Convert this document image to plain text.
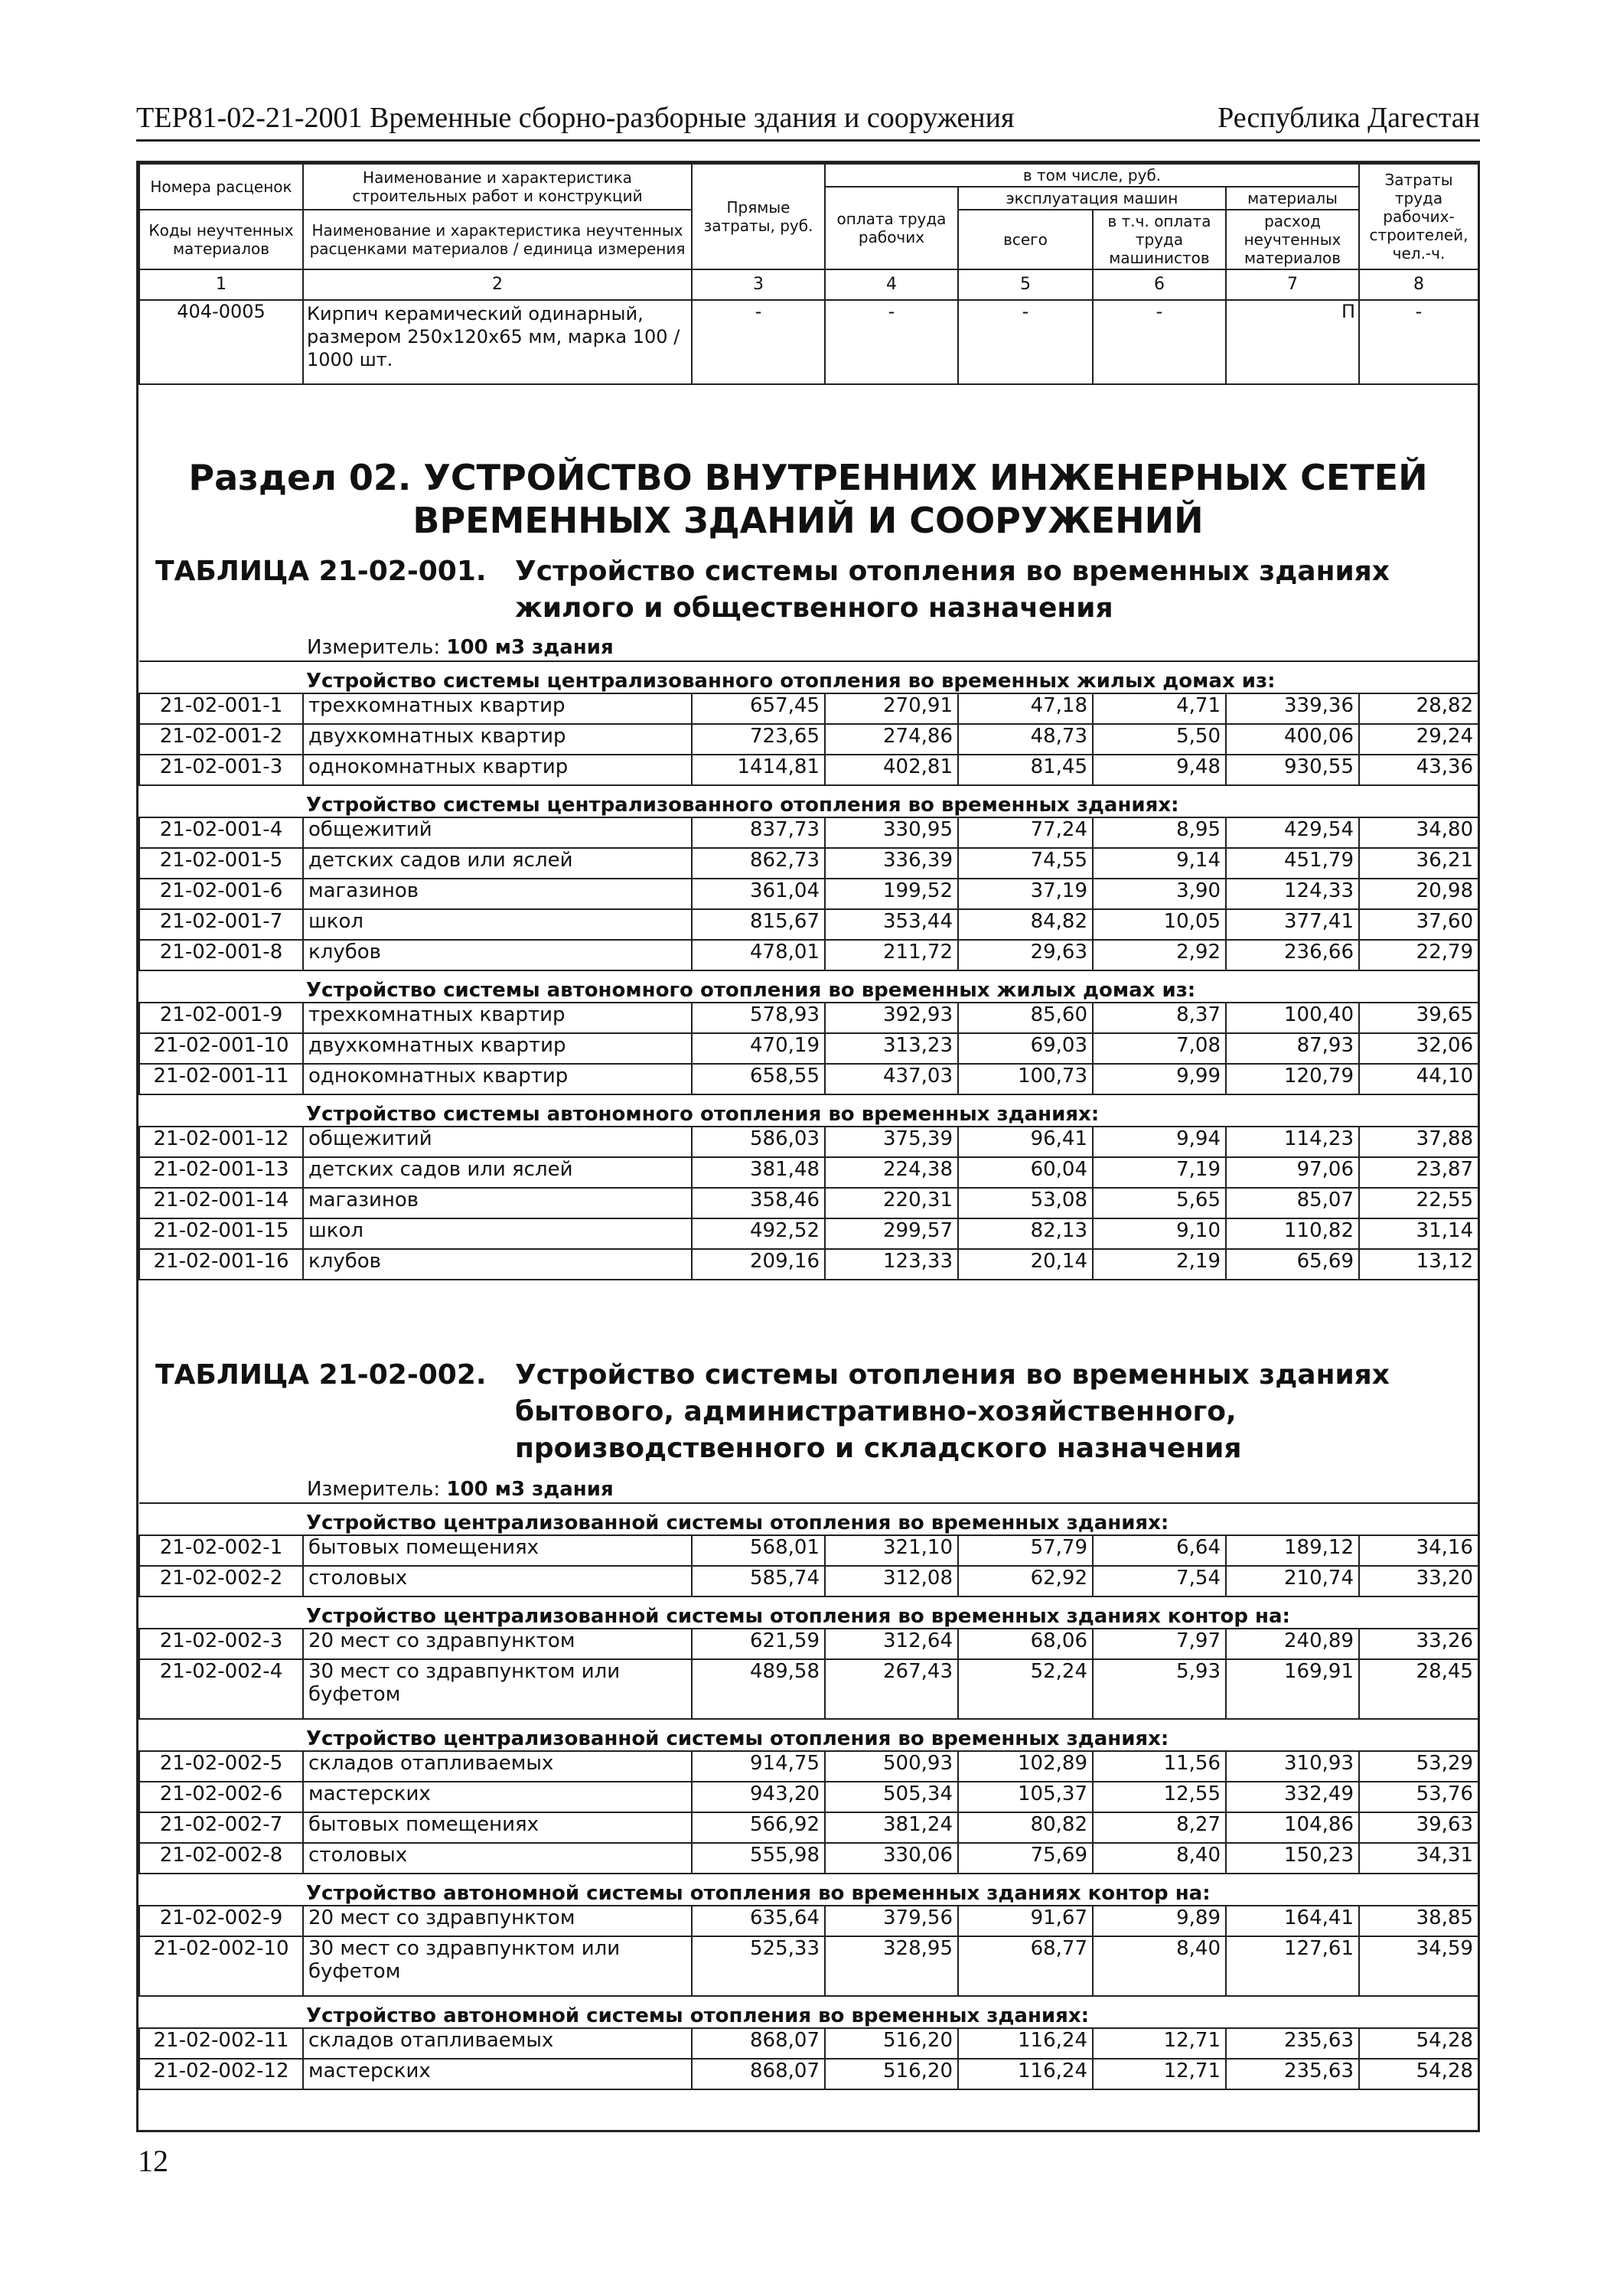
ТЕР81-02-21-2001 Временные сборно-разборные здания и сооружения	Республика Дагестан
Номера расценок	Наименование и характеристика строительных работ и конструкций	Прямые затраты, руб.	в том числе, руб.				Затраты труда рабочих-строителей, чел.-ч.
			оплата труда рабочих	эксплуатация машин		материалы	
Коды неучтенных материалов	Наименование и характеристика неучтенных расценками материалов / единица измерения			всего	в т.ч. оплата труда машинистов	расход неучтенных материалов	

1	2	3	4	5	6	7	8
404-0005	Кирпич керамический одинарный, размером 250х120х65 мм, марка 100 / 1000 шт.	-	-	-	-	П	-
Раздел 02. УСТРОЙСТВО ВНУТРЕННИХ ИНЖЕНЕРНЫХ СЕТЕЙ
ВРЕМЕННЫХ ЗДАНИЙ И СООРУЖЕНИЙ
ТАБЛИЦА 21-02-001. Устройство системы отопления во временных зданиях жилого и общественного назначения
Измеритель: 100 м3 здания
Устройство системы централизованного отопления во временных жилых домах из:							
21-02-001-1	трехкомнатных квартир	657,45	270,91	47,18	4,71	339,36	28,82
21-02-001-2	двухкомнатных квартир	723,65	274,86	48,73	5,50	400,06	29,24
21-02-001-3	однокомнатных квартир	1414,81	402,81	81,45	9,48	930,55	43,36
Устройство системы централизованного отопления во временных зданиях:							
21-02-001-4	общежитий	837,73	330,95	77,24	8,95	429,54	34,80
21-02-001-5	детских садов или яслей	862,73	336,39	74,55	9,14	451,79	36,21
21-02-001-6	магазинов	361,04	199,52	37,19	3,90	124,33	20,98
21-02-001-7	школ	815,67	353,44	84,82	10,05	377,41	37,60
21-02-001-8	клубов	478,01	211,72	29,63	2,92	236,66	22,79
Устройство системы автономного отопления во временных жилых домах из:							
21-02-001-9	трехкомнатных квартир	578,93	392,93	85,60	8,37	100,40	39,65
21-02-001-10	двухкомнатных квартир	470,19	313,23	69,03	7,08	87,93	32,06
21-02-001-11	однокомнатных квартир	658,55	437,03	100,73	9,99	120,79	44,10
Устройство системы автономного отопления во временных зданиях:							
21-02-001-12	общежитий	586,03	375,39	96,41	9,94	114,23	37,88
21-02-001-13	детских садов или яслей	381,48	224,38	60,04	7,19	97,06	23,87
21-02-001-14	магазинов	358,46	220,31	53,08	5,65	85,07	22,55
21-02-001-15	школ	492,52	299,57	82,13	9,10	110,82	31,14
21-02-001-16	клубов	209,16	123,33	20,14	2,19	65,69	13,12
ТАБЛИЦА 21-02-002. Устройство системы отопления во временных зданиях бытового, административно-хозяйственного, производственного и складского назначения
Измеритель: 100 м3 здания
Устройство централизованной системы отопления во временных зданиях:							
21-02-002-1	бытовых помещениях	568,01	321,10	57,79	6,64	189,12	34,16
21-02-002-2	столовых	585,74	312,08	62,92	7,54	210,74	33,20
Устройство централизованной системы отопления во временных зданиях контор на:							
21-02-002-3	20 мест со здравпунктом	621,59	312,64	68,06	7,97	240,89	33,26
21-02-002-4	30 мест со здравпунктом или буфетом	489,58	267,43	52,24	5,93	169,91	28,45
Устройство централизованной системы отопления во временных зданиях:							
21-02-002-5	складов отапливаемых	914,75	500,93	102,89	11,56	310,93	53,29
21-02-002-6	мастерских	943,20	505,34	105,37	12,55	332,49	53,76
21-02-002-7	бытовых помещениях	566,92	381,24	80,82	8,27	104,86	39,63
21-02-002-8	столовых	555,98	330,06	75,69	8,40	150,23	34,31
Устройство автономной системы отопления во временных зданиях контор на:							
21-02-002-9	20 мест со здравпунктом	635,64	379,56	91,67	9,89	164,41	38,85
21-02-002-10	30 мест со здравпунктом или буфетом	525,33	328,95	68,77	8,40	127,61	34,59
Устройство автономной системы отопления во временных зданиях:							
21-02-002-11	складов отапливаемых	868,07	516,20	116,24	12,71	235,63	54,28
21-02-002-12	мастерских	868,07	516,20	116,24	12,71	235,63	54,28
12
